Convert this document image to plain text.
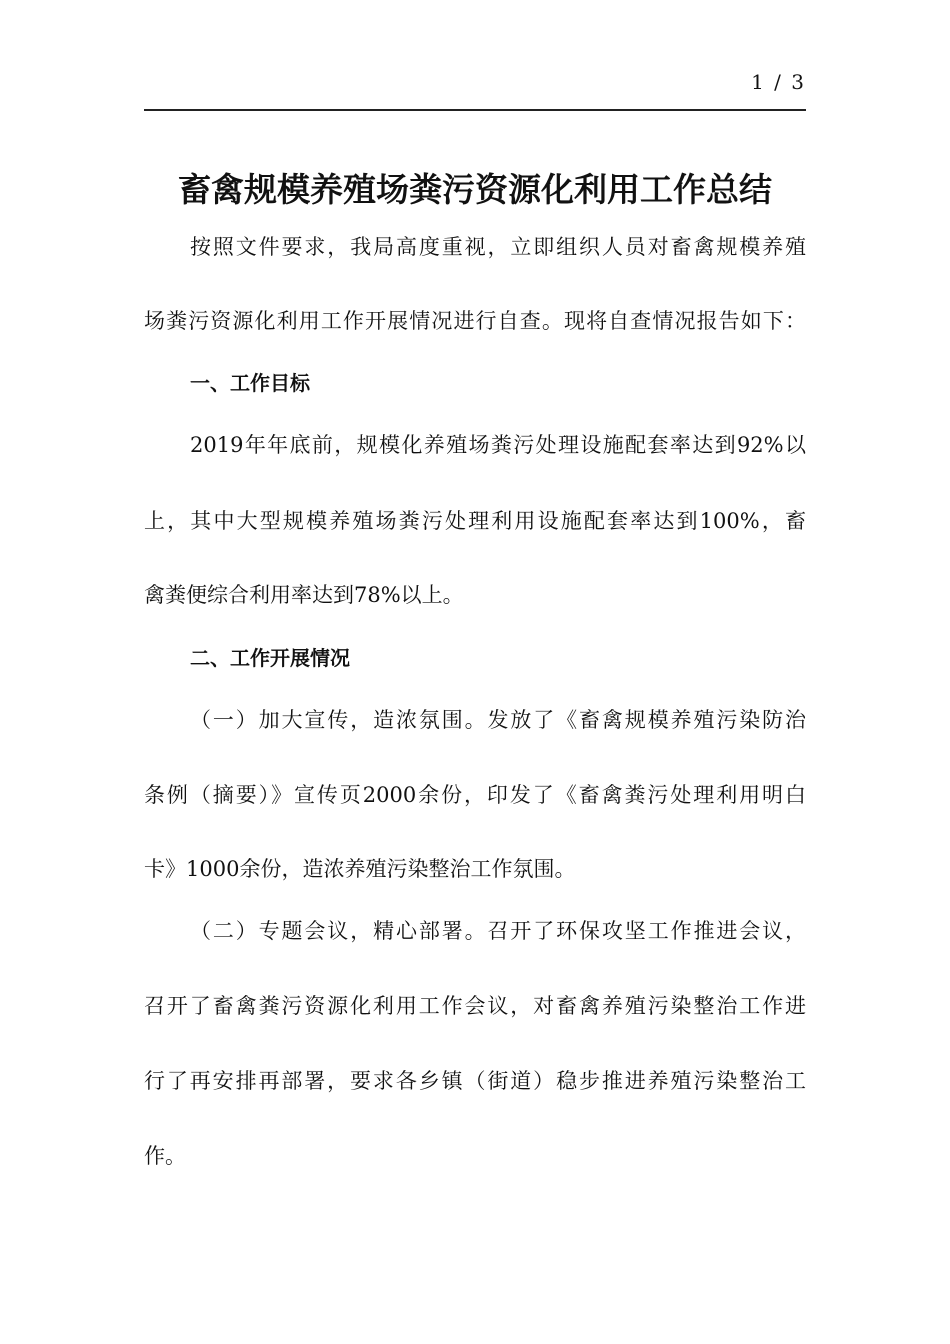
1 / 3
畜禽规模养殖场粪污资源化利用工作总结

按照文件要求，我局高度重视，立即组织人员对畜禽规模养殖

场粪污资源化利用工作开展情况进行自查。现将自查情况报告如下：

一、工作目标

2019年年底前，规模化养殖场粪污处理设施配套率达到92%以

上，其中大型规模养殖场粪污处理利用设施配套率达到100%，畜

禽粪便综合利用率达到78%以上。

二、工作开展情况

（一）加大宣传，造浓氛围。发放了《畜禽规模养殖污染防治

条例（摘要）》宣传页2000余份，印发了《畜禽粪污处理利用明白

卡》1000余份，造浓养殖污染整治工作氛围。

（二）专题会议，精心部署。召开了环保攻坚工作推进会议，

召开了畜禽粪污资源化利用工作会议，对畜禽养殖污染整治工作进

行了再安排再部署，要求各乡镇（街道）稳步推进养殖污染整治工

作。
